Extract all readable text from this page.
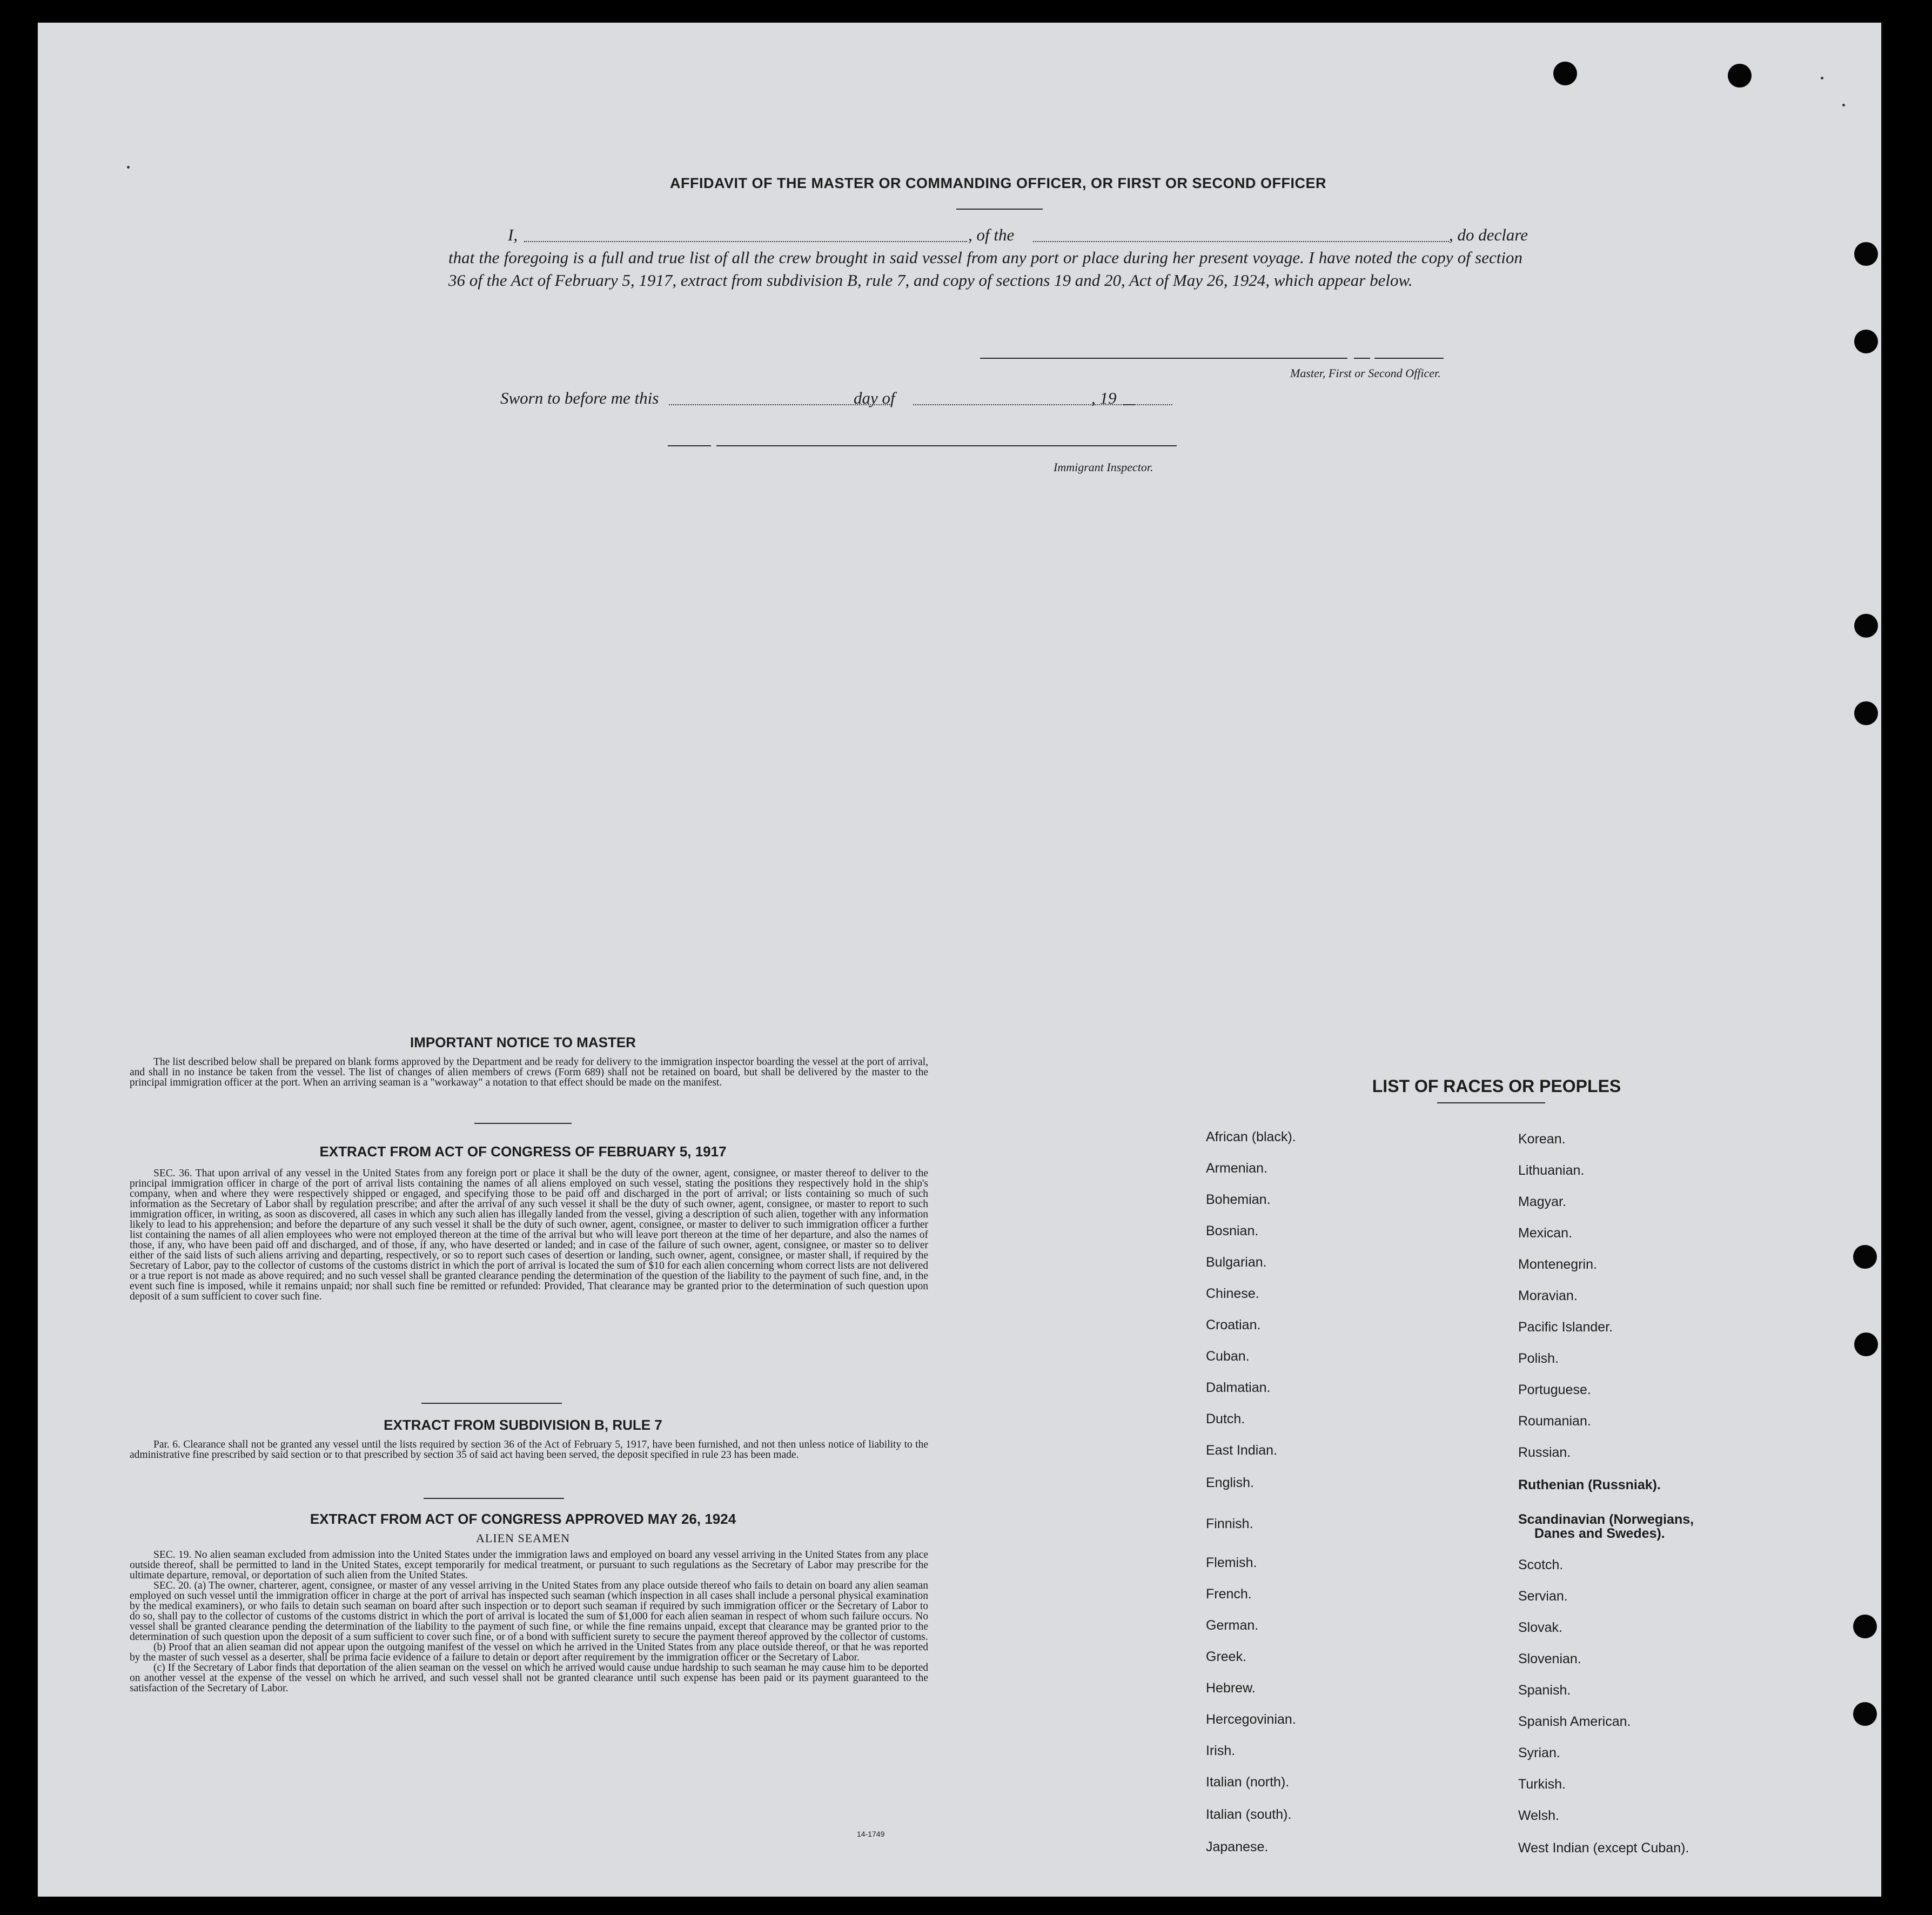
AFFIDAVIT OF THE MASTER OR COMMANDING OFFICER, OR FIRST OR SECOND OFFICER
I,	, of the	, do declare
that the foregoing is a full and true list of all the crew brought in said vessel from any port or place during her present voyage. I have noted the copy of section 36 of the Act of February 5, 1917, extract from subdivision B, rule 7, and copy of sections 19 and 20, Act of May 26, 1924, which appear below.
Master, First or Second Officer.
Sworn to before me this	day of	, 19
Immigrant Inspector.
IMPORTANT NOTICE TO MASTER

The list described below shall be prepared on blank forms approved by the Department and be ready for delivery to the immigration inspector boarding the vessel at the port of arrival, and shall in no instance be taken from the vessel. The list of changes of alien members of crews (Form 689) shall not be retained on board, but shall be delivered by the master to the principal immigration officer at the port. When an arriving seaman is a "workaway" a notation to that effect should be made on the manifest.

EXTRACT FROM ACT OF CONGRESS OF FEBRUARY 5, 1917

SEC. 36. That upon arrival of any vessel in the United States from any foreign port or place it shall be the duty of the owner, agent, consignee, or master thereof to deliver to the principal immigration officer in charge of the port of arrival lists containing the names of all aliens employed on such vessel, stating the positions they respectively hold in the ship's company, when and where they were respectively shipped or engaged, and specifying those to be paid off and discharged in the port of arrival; or lists containing so much of such information as the Secretary of Labor shall by regulation prescribe; and after the arrival of any such vessel it shall be the duty of such owner, agent, consignee, or master to report to such immigration officer, in writing, as soon as discovered, all cases in which any such alien has illegally landed from the vessel, giving a description of such alien, together with any information likely to lead to his apprehension; and before the departure of any such vessel it shall be the duty of such owner, agent, consignee, or master to deliver to such immigration officer a further list containing the names of all alien employees who were not employed thereon at the time of the arrival but who will leave port thereon at the time of her departure, and also the names of those, if any, who have been paid off and discharged, and of those, if any, who have deserted or landed; and in case of the failure of such owner, agent, consignee, or master so to deliver either of the said lists of such aliens arriving and departing, respectively, or so to report such cases of desertion or landing, such owner, agent, consignee, or master shall, if required by the Secretary of Labor, pay to the collector of customs of the customs district in which the port of arrival is located the sum of $10 for each alien concerning whom correct lists are not delivered or a true report is not made as above required; and no such vessel shall be granted clearance pending the determination of the question of the liability to the payment of such fine, and, in the event such fine is imposed, while it remains unpaid; nor shall such fine be remitted or refunded: Provided, That clearance may be granted prior to the determination of such question upon deposit of a sum sufficient to cover such fine.

EXTRACT FROM SUBDIVISION B, RULE 7

Par. 6. Clearance shall not be granted any vessel until the lists required by section 36 of the Act of February 5, 1917, have been furnished, and not then unless notice of liability to the administrative fine prescribed by said section or to that prescribed by section 35 of said act having been served, the deposit specified in rule 23 has been made.

EXTRACT FROM ACT OF CONGRESS APPROVED MAY 26, 1924
ALIEN SEAMEN

SEC. 19. No alien seaman excluded from admission into the United States under the immigration laws and employed on board any vessel arriving in the United States from any place outside thereof, shall be permitted to land in the United States, except temporarily for medical treatment, or pursuant to such regulations as the Secretary of Labor may prescribe for the ultimate departure, removal, or deportation of such alien from the United States.

SEC. 20. (a) The owner, charterer, agent, consignee, or master of any vessel arriving in the United States from any place outside thereof who fails to detain on board any alien seaman employed on such vessel until the immigration officer in charge at the port of arrival has inspected such seaman (which inspection in all cases shall include a personal physical examination by the medical examiners), or who fails to detain such seaman on board after such inspection or to deport such seaman if required by such immigration officer or the Secretary of Labor to do so, shall pay to the collector of customs of the customs district in which the port of arrival is located the sum of $1,000 for each alien seaman in respect of whom such failure occurs. No vessel shall be granted clearance pending the determination of the liability to the payment of such fine, or while the fine remains unpaid, except that clearance may be granted prior to the determination of such question upon the deposit of a sum sufficient to cover such fine, or of a bond with sufficient surety to secure the payment thereof approved by the collector of customs.

(b) Proof that an alien seaman did not appear upon the outgoing manifest of the vessel on which he arrived in the United States from any place outside thereof, or that he was reported by the master of such vessel as a deserter, shall be prima facie evidence of a failure to detain or deport after requirement by the immigration officer or the Secretary of Labor.

(c) If the Secretary of Labor finds that deportation of the alien seaman on the vessel on which he arrived would cause undue hardship to such seaman he may cause him to be deported on another vessel at the expense of the vessel on which he arrived, and such vessel shall not be granted clearance until such expense has been paid or its payment guaranteed to the satisfaction of the Secretary of Labor.

14-1749
LIST OF RACES OR PEOPLES
African (black).
Armenian.
Bohemian.
Bosnian.
Bulgarian.
Chinese.
Croatian.
Cuban.
Dalmatian.
Dutch.
East Indian.
English.
Finnish.
Flemish.
French.
German.
Greek.
Hebrew.
Hercegovinian.
Irish.
Italian (north).
Italian (south).
Japanese.
Korean.
Lithuanian.
Magyar.
Mexican.
Montenegrin.
Moravian.
Pacific Islander.
Polish.
Portuguese.
Roumanian.
Russian.
Ruthenian (Russniak).
Scandinavian (Norwegians,
Danes and Swedes).
Scotch.
Servian.
Slovak.
Slovenian.
Spanish.
Spanish American.
Syrian.
Turkish.
Welsh.
West Indian (except Cuban).
